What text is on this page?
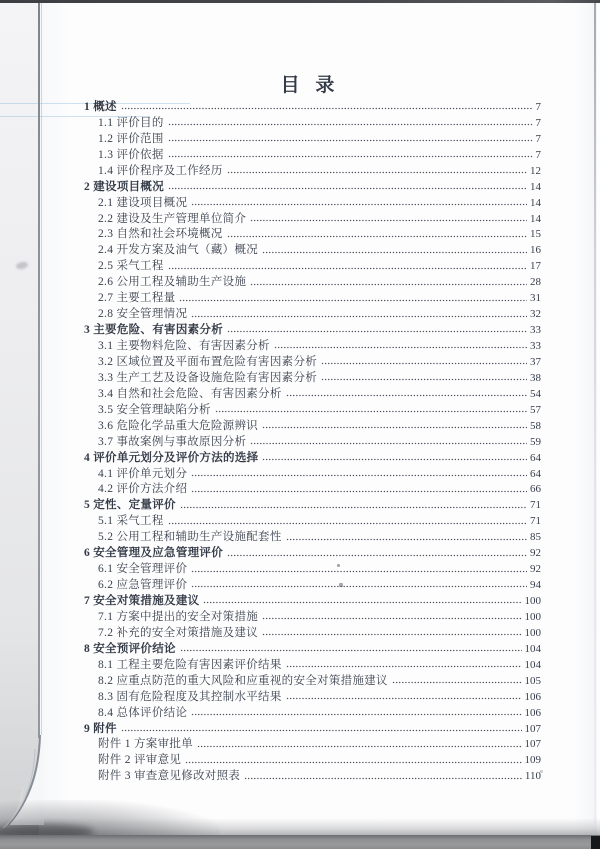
目 录
1 概述	7
1.1 评价目的	7
1.2 评价范围	7
1.3 评价依据	7
1.4 评价程序及工作经历	12
2 建设项目概况	14
2.1 建设项目概况	14
2.2 建设及生产管理单位简介	14
2.3 自然和社会环境概况	15
2.4 开发方案及油气（藏）概况	16
2.5 采气工程	17
2.6 公用工程及辅助生产设施	28
2.7 主要工程量	31
2.8 安全管理情况	32
3 主要危险、有害因素分析	33
3.1 主要物料危险、有害因素分析	33
3.2 区域位置及平面布置危险有害因素分析	37
3.3 生产工艺及设备设施危险有害因素分析	38
3.4 自然和社会危险、有害因素分析	54
3.5 安全管理缺陷分析	57
3.6 危险化学品重大危险源辨识	58
3.7 事故案例与事故原因分析	59
4 评价单元划分及评价方法的选择	64
4.1 评价单元划分	64
4.2 评价方法介绍	66
5 定性、定量评价	71
5.1 采气工程	71
5.2 公用工程和辅助生产设施配套性	85
6 安全管理及应急管理评价	92
6.1 安全管理评价	92
6.2 应急管理评价	94
7 安全对策措施及建议	100
7.1 方案中提出的安全对策措施	100
7.2 补充的安全对策措施及建议	100
8 安全预评价结论	104
8.1 工程主要危险有害因素评价结果	104
8.2 应重点防范的重大风险和应重视的安全对策措施建议	105
8.3 固有危险程度及其控制水平结果	106
8.4 总体评价结论	106
9 附件	107
附件 1 方案审批单	107
附件 2 评审意见	109
附件 3 审查意见修改对照表	110
